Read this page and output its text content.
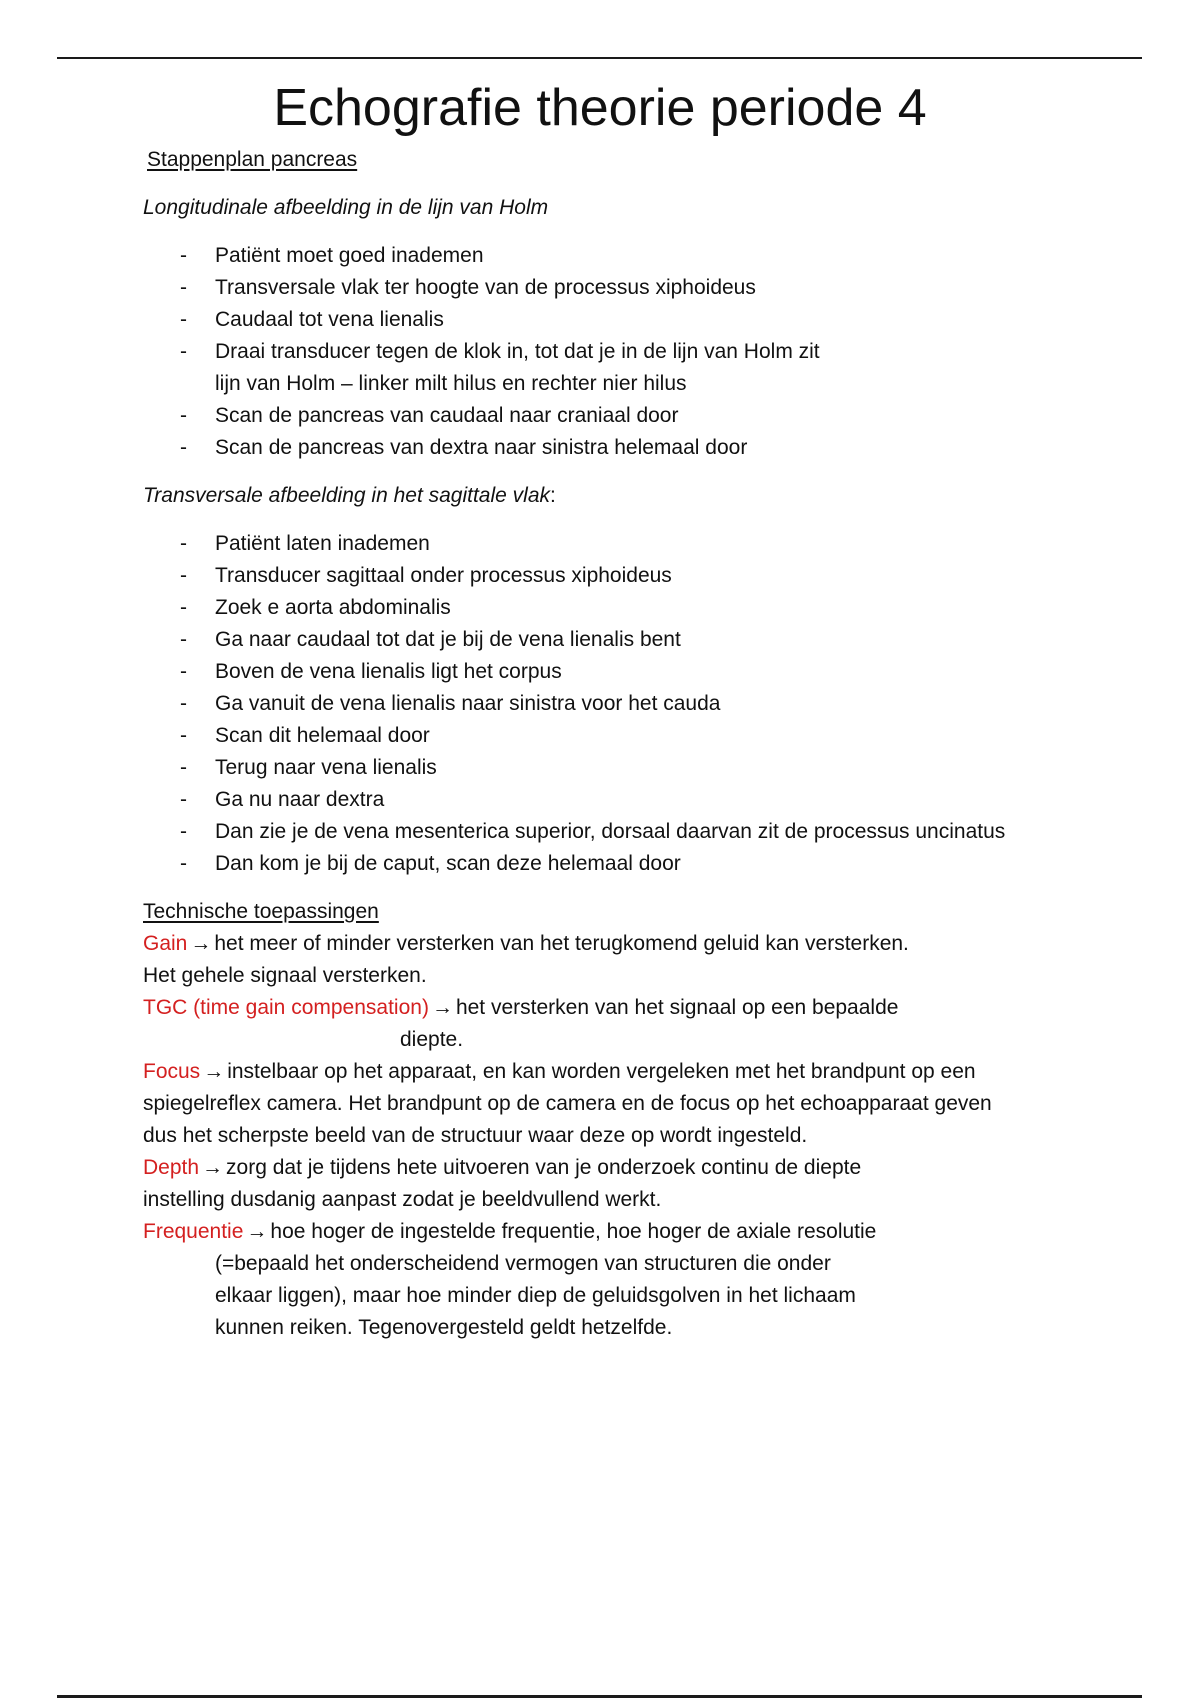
Echografie theorie periode 4
Stappenplan pancreas
Longitudinale afbeelding in de lijn van Holm
- Patiënt moet goed inademen
- Transversale vlak ter hoogte van de processus xiphoideus
- Caudaal tot vena lienalis
- Draai transducer tegen de klok in, tot dat je in de lijn van Holm zit
lijn van Holm – linker milt hilus en rechter nier hilus
- Scan de pancreas van caudaal naar craniaal door
- Scan de pancreas van dextra naar sinistra helemaal door
Transversale afbeelding in het sagittale vlak:
- Patiënt laten inademen
- Transducer sagittaal onder processus xiphoideus
- Zoek e aorta abdominalis
- Ga naar caudaal tot dat je bij de vena lienalis bent
- Boven de vena lienalis ligt het corpus
- Ga vanuit de vena lienalis naar sinistra voor het cauda
- Scan dit helemaal door
- Terug naar vena lienalis
- Ga nu naar dextra
- Dan zie je de vena mesenterica superior, dorsaal daarvan zit de processus uncinatus
- Dan kom je bij de caput, scan deze helemaal door
Technische toepassingen
Gain → het meer of minder versterken van het terugkomend geluid kan versterken.
Het gehele signaal versterken.
TGC (time gain compensation) → het versterken van het signaal op een bepaalde
diepte.
Focus → instelbaar op het apparaat, en kan worden vergeleken met het brandpunt op een
spiegelreflex camera. Het brandpunt op de camera en de focus op het echoapparaat geven
dus het scherpste beeld van de structuur waar deze op wordt ingesteld.
Depth → zorg dat je tijdens hete uitvoeren van je onderzoek continu de diepte
instelling dusdanig aanpast zodat je beeldvullend werkt.
Frequentie → hoe hoger de ingestelde frequentie, hoe hoger de axiale resolutie
(=bepaald het onderscheidend vermogen van structuren die onder
elkaar liggen), maar hoe minder diep de geluidsgolven in het lichaam
kunnen reiken. Tegenovergesteld geldt hetzelfde.
